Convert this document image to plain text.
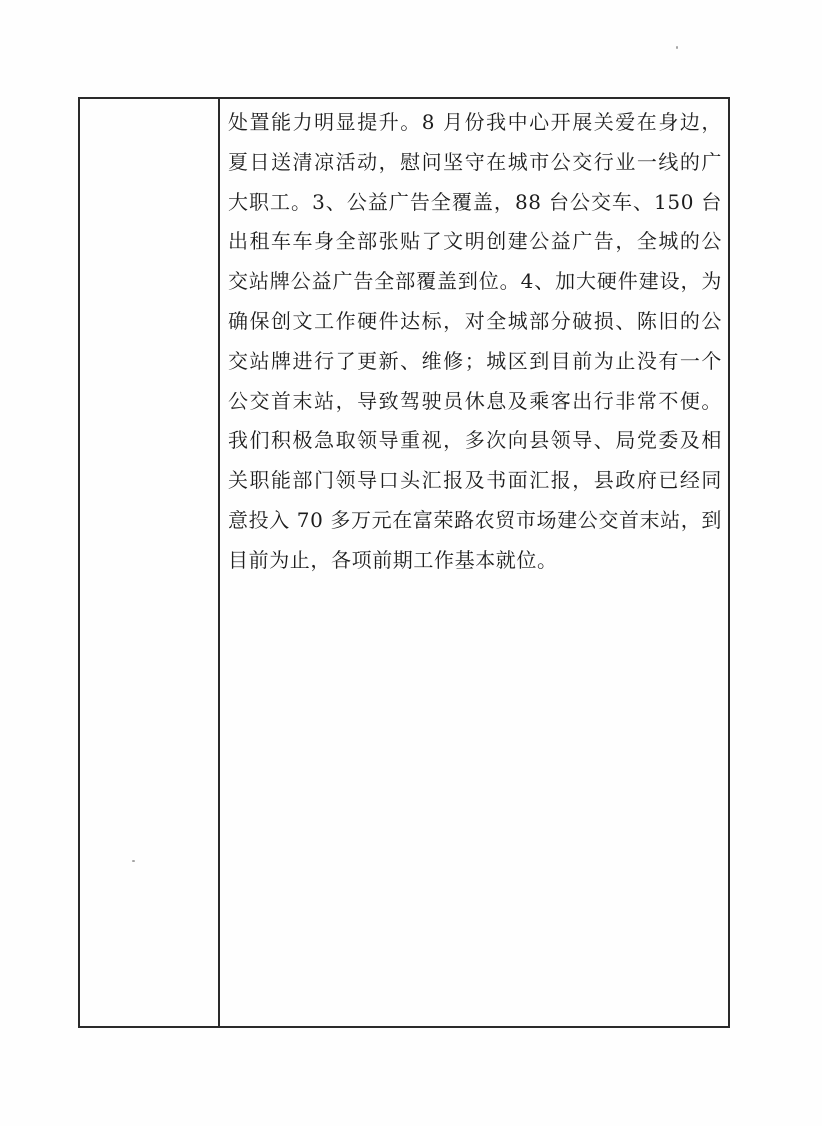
处置能力明显提升。8 月份我中心开展关爱在身边，夏日送清凉活动，慰问坚守在城市公交行业一线的广大职工。3、公益广告全覆盖，88 台公交车、150 台出租车车身全部张贴了文明创建公益广告，全城的公交站牌公益广告全部覆盖到位。4、加大硬件建设，为确保创文工作硬件达标，对全城部分破损、陈旧的公交站牌进行了更新、维修；城区到目前为止没有一个公交首末站，导致驾驶员休息及乘客出行非常不便。我们积极急取领导重视，多次向县领导、局党委及相关职能部门领导口头汇报及书面汇报，县政府已经同意投入 70 多万元在富荣路农贸市场建公交首末站，到目前为止，各项前期工作基本就位。
